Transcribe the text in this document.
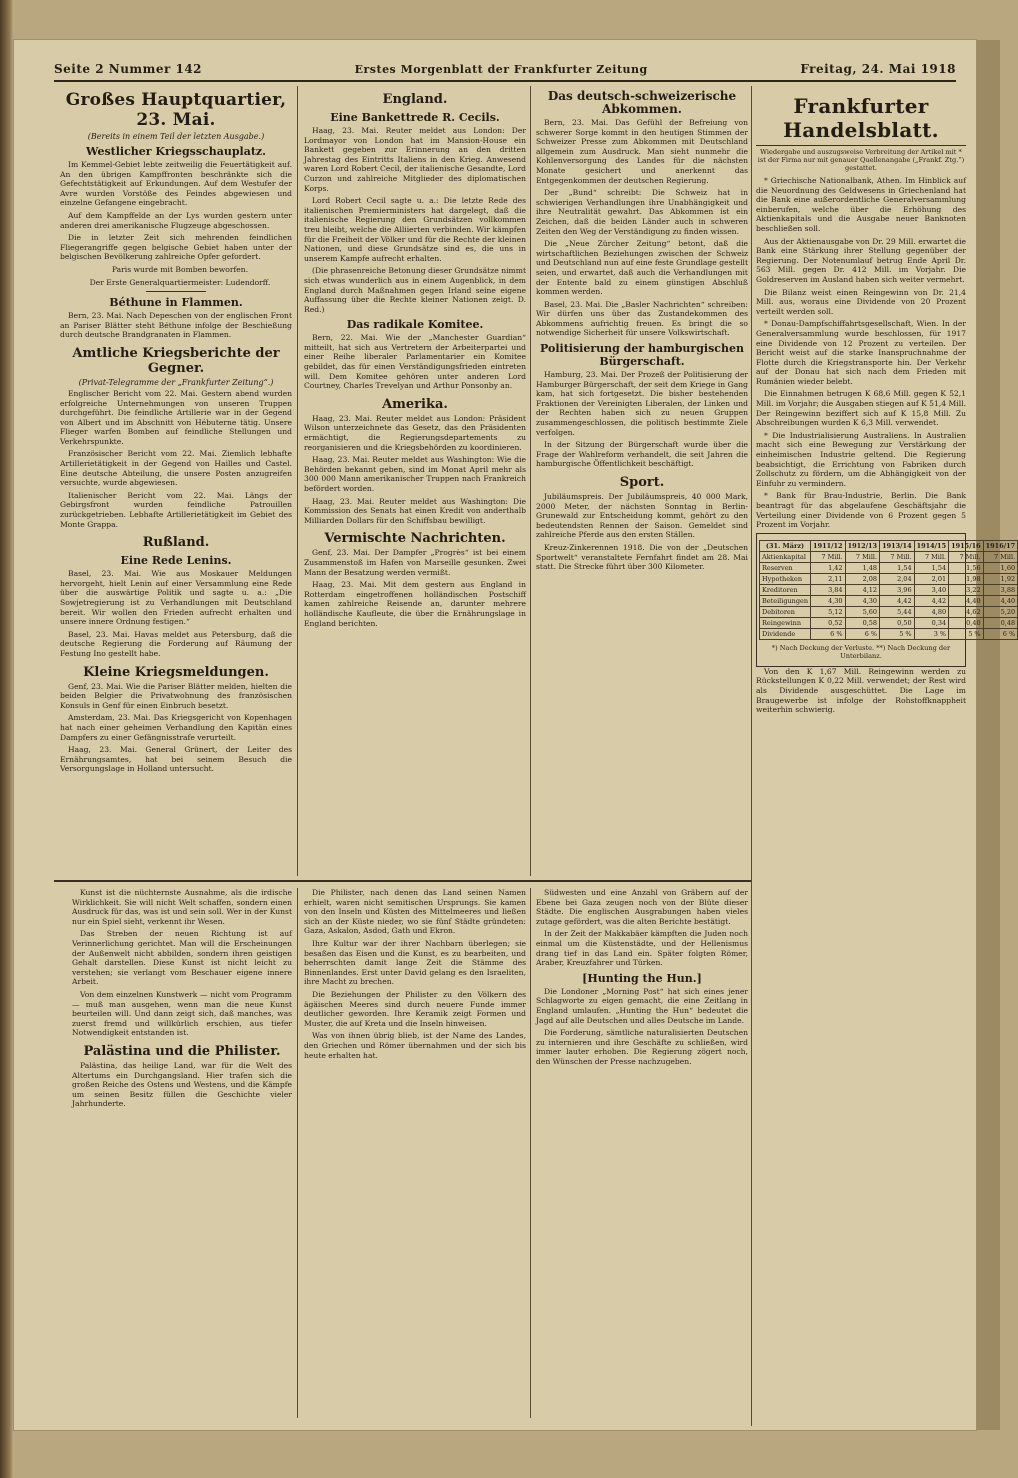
Seite 2 Nummer 142	Erstes Morgenblatt der Frankfurter Zeitung	Freitag, 24. Mai 1918
Großes Hauptquartier, 23. Mai.
(Bereits in einem Teil der letzten Ausgabe.)
Westlicher Kriegsschauplatz.

Im Kemmel-Gebiet lebte zeitweilig die Feuertätigkeit auf. An den übrigen Kampffronten beschränkte sich die Gefechtstätigkeit auf Erkundungen. Auf dem Westufer der Avre wurden Vorstöße des Feindes abgewiesen und einzelne Gefangene eingebracht.

Auf dem Kampffelde an der Lys wurden gestern unter anderen drei amerikanische Flugzeuge abgeschossen.

Die in letzter Zeit sich mehrenden feindlichen Fliegerangriffe gegen belgische Gebiet haben unter der belgischen Bevölkerung zahlreiche Opfer gefordert.

Paris wurde mit Bomben beworfen.

Der Erste Generalquartiermeister: Ludendorff.

Béthune in Flammen.

Bern, 23. Mai. Nach Depeschen von der englischen Front an Pariser Blätter steht Béthune infolge der Beschießung durch deutsche Brandgranaten in Flammen.

Amtliche Kriegsberichte der Gegner.
(Privat-Telegramme der „Frankfurter Zeitung“.)

Englischer Bericht vom 22. Mai. Gestern abend wurden erfolgreiche Unternehmungen von unseren Truppen durchgeführt. Die feindliche Artillerie war in der Gegend von Albert und im Abschnitt von Hébuterne tätig. Unsere Flieger warfen Bomben auf feindliche Stellungen und Verkehrspunkte.

Französischer Bericht vom 22. Mai. Ziemlich lebhafte Artillerietätigkeit in der Gegend von Hailles und Castel. Eine deutsche Abteilung, die unsere Posten anzugreifen versuchte, wurde abgewiesen.

Italienischer Bericht vom 22. Mai. Längs der Gebirgsfront wurden feindliche Patrouillen zurückgetrieben. Lebhafte Artillerietätigkeit im Gebiet des Monte Grappa.

Rußland.
Eine Rede Lenins.

Basel, 23. Mai. Wie aus Moskauer Meldungen hervorgeht, hielt Lenin auf einer Versammlung eine Rede über die auswärtige Politik und sagte u. a.: „Die Sowjetregierung ist zu Verhandlungen mit Deutschland bereit. Wir wollen den Frieden aufrecht erhalten und unsere innere Ordnung festigen.“

Basel, 23. Mai. Havas meldet aus Petersburg, daß die deutsche Regierung die Forderung auf Räumung der Festung Ino gestellt habe.

Kleine Kriegsmeldungen.

Genf, 23. Mai. Wie die Pariser Blätter melden, hielten die beiden Belgier die Privatwohnung des französischen Konsuls in Genf für einen Einbruch besetzt.

Amsterdam, 23. Mai. Das Kriegsgericht von Kopenhagen hat nach einer geheimen Verhandlung den Kapitän eines Dampfers zu einer Gefängnisstrafe verurteilt.

Haag, 23. Mai. General Grünert, der Leiter des Ernährungsamtes, hat bei seinem Besuch die Versorgungslage in Holland untersucht.

England.
Eine Bankettrede R. Cecils.

Haag, 23. Mai. Reuter meldet aus London: Der Lordmayor von London hat im Mansion-House ein Bankett gegeben zur Erinnerung an den dritten Jahrestag des Eintritts Italiens in den Krieg. Anwesend waren Lord Robert Cecil, der italienische Gesandte, Lord Curzon und zahlreiche Mitglieder des diplomatischen Korps.

Lord Robert Cecil sagte u. a.: Die letzte Rede des italienischen Premierministers hat dargelegt, daß die italienische Regierung den Grundsätzen vollkommen treu bleibt, welche die Alliierten verbinden. Wir kämpfen für die Freiheit der Völker und für die Rechte der kleinen Nationen, und diese Grundsätze sind es, die uns in unserem Kampfe aufrecht erhalten.

(Die phrasenreiche Betonung dieser Grundsätze nimmt sich etwas wunderlich aus in einem Augenblick, in dem England durch Maßnahmen gegen Irland seine eigene Auffassung über die Rechte kleiner Nationen zeigt. D. Red.)

Das radikale Komitee.

Bern, 22. Mai. Wie der „Manchester Guardian“ mitteilt, hat sich aus Vertretern der Arbeiterpartei und einer Reihe liberaler Parlamentarier ein Komitee gebildet, das für einen Verständigungsfrieden eintreten will. Dem Komitee gehören unter anderen Lord Courtney, Charles Trevelyan und Arthur Ponsonby an.

Amerika.

Haag, 23. Mai. Reuter meldet aus London: Präsident Wilson unterzeichnete das Gesetz, das den Präsidenten ermächtigt, die Regierungsdepartements zu reorganisieren und die Kriegsbehörden zu koordinieren.

Haag, 23. Mai. Reuter meldet aus Washington: Wie die Behörden bekannt geben, sind im Monat April mehr als 300 000 Mann amerikanischer Truppen nach Frankreich befördert worden.

Haag, 23. Mai. Reuter meldet aus Washington: Die Kommission des Senats hat einen Kredit von anderthalb Milliarden Dollars für den Schiffsbau bewilligt.

Vermischte Nachrichten.

Genf, 23. Mai. Der Dampfer „Progrès“ ist bei einem Zusammenstoß im Hafen von Marseille gesunken. Zwei Mann der Besatzung werden vermißt.

Haag, 23. Mai. Mit dem gestern aus England in Rotterdam eingetroffenen holländischen Postschiff kamen zahlreiche Reisende an, darunter mehrere holländische Kaufleute, die über die Ernährungslage in England berichten.

Das deutsch-schweizerische Abkommen.

Bern, 23. Mai. Das Gefühl der Befreiung von schwerer Sorge kommt in den heutigen Stimmen der Schweizer Presse zum Abkommen mit Deutschland allgemein zum Ausdruck. Man sieht nunmehr die Kohlenversorgung des Landes für die nächsten Monate gesichert und anerkennt das Entgegenkommen der deutschen Regierung.

Der „Bund“ schreibt: Die Schweiz hat in schwierigen Verhandlungen ihre Unabhängigkeit und ihre Neutralität gewahrt. Das Abkommen ist ein Zeichen, daß die beiden Länder auch in schweren Zeiten den Weg der Verständigung zu finden wissen.

Die „Neue Zürcher Zeitung“ betont, daß die wirtschaftlichen Beziehungen zwischen der Schweiz und Deutschland nun auf eine feste Grundlage gestellt seien, und erwartet, daß auch die Verhandlungen mit der Entente bald zu einem günstigen Abschluß kommen werden.

Basel, 23. Mai. Die „Basler Nachrichten“ schreiben: Wir dürfen uns über das Zustandekommen des Abkommens aufrichtig freuen. Es bringt die so notwendige Sicherheit für unsere Volkswirtschaft.

Politisierung der hamburgischen Bürgerschaft.

Hamburg, 23. Mai. Der Prozeß der Politisierung der Hamburger Bürgerschaft, der seit dem Kriege in Gang kam, hat sich fortgesetzt. Die bisher bestehenden Fraktionen der Vereinigten Liberalen, der Linken und der Rechten haben sich zu neuen Gruppen zusammengeschlossen, die politisch bestimmte Ziele verfolgen.

In der Sitzung der Bürgerschaft wurde über die Frage der Wahlreform verhandelt, die seit Jahren die hamburgische Öffentlichkeit beschäftigt.

Sport.

Jubiläumspreis. Der Jubiläumspreis, 40 000 Mark, 2000 Meter, der nächsten Sonntag in Berlin-Grunewald zur Entscheidung kommt, gehört zu den bedeutendsten Rennen der Saison. Gemeldet sind zahlreiche Pferde aus den ersten Ställen.

Kreuz-Zinkerennen 1918. Die von der „Deutschen Sportwelt“ veranstaltete Fernfahrt findet am 28. Mai statt. Die Strecke führt über 300 Kilometer.

Frankfurter Handelsblatt.
Wiedergabe und auszugsweise Verbreitung der Artikel mit * ist der Firma nur mit genauer Quellenangabe („Frankf. Ztg.“) gestattet.

* Griechische Nationalbank, Athen. Im Hinblick auf die Neuordnung des Geldwesens in Griechenland hat die Bank eine außerordentliche Generalversammlung einberufen, welche über die Erhöhung des Aktienkapitals und die Ausgabe neuer Banknoten beschließen soll.

Aus der Aktienausgabe von Dr. 29 Mill. erwartet die Bank eine Stärkung ihrer Stellung gegenüber der Regierung. Der Notenumlauf betrug Ende April Dr. 563 Mill. gegen Dr. 412 Mill. im Vorjahr. Die Goldreserven im Ausland haben sich weiter vermehrt.

Die Bilanz weist einen Reingewinn von Dr. 21,4 Mill. aus, woraus eine Dividende von 20 Prozent verteilt werden soll.

* Donau-Dampfschiffahrtsgesellschaft, Wien. In der Generalversammlung wurde beschlossen, für 1917 eine Dividende von 12 Prozent zu verteilen. Der Bericht weist auf die starke Inanspruchnahme der Flotte durch die Kriegstransporte hin. Der Verkehr auf der Donau hat sich nach dem Frieden mit Rumänien wieder belebt.

Die Einnahmen betrugen K 68,6 Mill. gegen K 52,1 Mill. im Vorjahr; die Ausgaben stiegen auf K 51,4 Mill. Der Reingewinn beziffert sich auf K 15,8 Mill. Zu Abschreibungen wurden K 6,3 Mill. verwendet.

* Die Industrialisierung Australiens. In Australien macht sich eine Bewegung zur Verstärkung der einheimischen Industrie geltend. Die Regierung beabsichtigt, die Errichtung von Fabriken durch Zollschutz zu fördern, um die Abhängigkeit von der Einfuhr zu vermindern.

* Bank für Brau-Industrie, Berlin. Die Bank beantragt für das abgelaufene Geschäftsjahr die Verteilung einer Dividende von 6 Prozent gegen 5 Prozent im Vorjahr.

(31. März)	1911/12	1912/13	1913/14	1914/15	1915/16	1916/17
Aktienkapital	7 Mill.	7 Mill.	7 Mill.	7 Mill.	7 Mill.	7 Mill.
Reserven	1,42	1,48	1,54	1,54	1,56	1,60
Hypotheken	2,11	2,08	2,04	2,01	1,98	1,92
Kreditoren	3,84	4,12	3,96	3,40	3,22	3,88
Beteiligungen	4,30	4,30	4,42	4,42	4,40	4,40
Debitoren	5,12	5,60	5,44	4,80	4,62	5,20
Reingewinn	0,52	0,58	0,50	0,34	0,40	0,48
Dividende	6 %	6 %	5 %	3 %	5 %	6 %
*) Nach Deckung der Verluste. **) Nach Deckung der Unterbilanz.

Von den K 1,67 Mill. Reingewinn werden zu Rückstellungen K 0,22 Mill. verwendet; der Rest wird als Dividende ausgeschüttet. Die Lage im Braugewerbe ist infolge der Rohstoffknappheit weiterhin schwierig.

Kunst ist die nüchternste Ausnahme, als die irdische Wirklichkeit. Sie will nicht Welt schaffen, sondern einen Ausdruck für das, was ist und sein soll. Wer in der Kunst nur ein Spiel sieht, verkennt ihr Wesen.

Das Streben der neuen Richtung ist auf Verinnerlichung gerichtet. Man will die Erscheinungen der Außenwelt nicht abbilden, sondern ihren geistigen Gehalt darstellen. Diese Kunst ist nicht leicht zu verstehen; sie verlangt vom Beschauer eigene innere Arbeit.

Von dem einzelnen Kunstwerk — nicht vom Programm — muß man ausgehen, wenn man die neue Kunst beurteilen will. Und dann zeigt sich, daß manches, was zuerst fremd und willkürlich erschien, aus tiefer Notwendigkeit entstanden ist.

Palästina und die Philister.

Palästina, das heilige Land, war für die Welt des Altertums ein Durchgangsland. Hier trafen sich die großen Reiche des Ostens und Westens, und die Kämpfe um seinen Besitz füllen die Geschichte vieler Jahrhunderte.

Die Philister, nach denen das Land seinen Namen erhielt, waren nicht semitischen Ursprungs. Sie kamen von den Inseln und Küsten des Mittelmeeres und ließen sich an der Küste nieder, wo sie fünf Städte gründeten: Gaza, Askalon, Asdod, Gath und Ekron.

Ihre Kultur war der ihrer Nachbarn überlegen; sie besaßen das Eisen und die Kunst, es zu bearbeiten, und beherrschten damit lange Zeit die Stämme des Binnenlandes. Erst unter David gelang es den Israeliten, ihre Macht zu brechen.

Die Beziehungen der Philister zu den Völkern des ägäischen Meeres sind durch neuere Funde immer deutlicher geworden. Ihre Keramik zeigt Formen und Muster, die auf Kreta und die Inseln hinweisen.

Was von ihnen übrig blieb, ist der Name des Landes, den Griechen und Römer übernahmen und der sich bis heute erhalten hat.

Südwesten und eine Anzahl von Gräbern auf der Ebene bei Gaza zeugen noch von der Blüte dieser Städte. Die englischen Ausgrabungen haben vieles zutage gefördert, was die alten Berichte bestätigt.

In der Zeit der Makkabäer kämpften die Juden noch einmal um die Küstenstädte, und der Hellenismus drang tief in das Land ein. Später folgten Römer, Araber, Kreuzfahrer und Türken.

[Hunting the Hun.]

Die Londoner „Morning Post“ hat sich eines jener Schlagworte zu eigen gemacht, die eine Zeitlang in England umlaufen. „Hunting the Hun“ bedeutet die Jagd auf alle Deutschen und alles Deutsche im Lande.

Die Forderung, sämtliche naturalisierten Deutschen zu internieren und ihre Geschäfte zu schließen, wird immer lauter erhoben. Die Regierung zögert noch, den Wünschen der Presse nachzugeben.
